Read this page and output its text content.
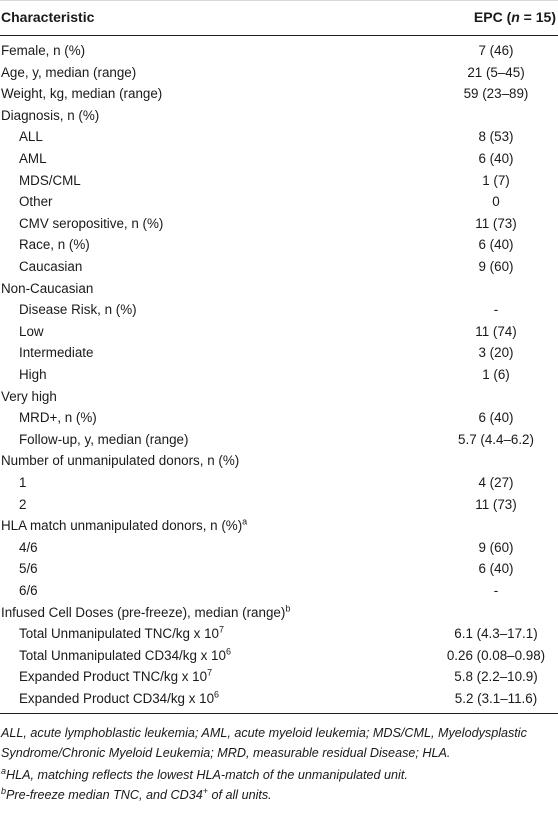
Characteristic	EPC (n = 15)
Female, n (%)	7 (46)
Age, y, median (range)	21 (5–45)
Weight, kg, median (range)	59 (23–89)
Diagnosis, n (%)	
ALL	8 (53)
AML	6 (40)
MDS/CML	1 (7)
Other	0
CMV seropositive, n (%)	11 (73)
Race, n (%)	6 (40)
Caucasian	9 (60)
Non-Caucasian	
Disease Risk, n (%)	-
Low	11 (74)
Intermediate	3 (20)
High	1 (6)
Very high	
MRD+, n (%)	6 (40)
Follow-up, y, median (range)	5.7 (4.4–6.2)
Number of unmanipulated donors, n (%)	
1	4 (27)
2	11 (73)
HLA match unmanipulated donors, n (%)$^a$	
4/6	9 (60)
5/6	6 (40)
6/6	-
Infused Cell Doses (pre-freeze), median (range)$^b$	
Total Unmanipulated TNC/kg x $10^7$	6.1 (4.3–17.1)
Total Unmanipulated CD34/kg x $10^6$	0.26 (0.08–0.98)
Expanded Product TNC/kg x $10^7$	5.8 (2.2–10.9)
Expanded Product CD34/kg x $10^6$	5.2 (3.1–11.6)

ALL, acute lymphoblastic leukemia; AML, acute myeloid leukemia; MDS/CML, Myelodysplastic Syndrome/Chronic Myeloid Leukemia; MRD, measurable residual Disease; HLA.

$^a$HLA, matching reflects the lowest HLA-match of the unmanipulated unit.

$^b$Pre-freeze median TNC, and CD34+ of all units.
